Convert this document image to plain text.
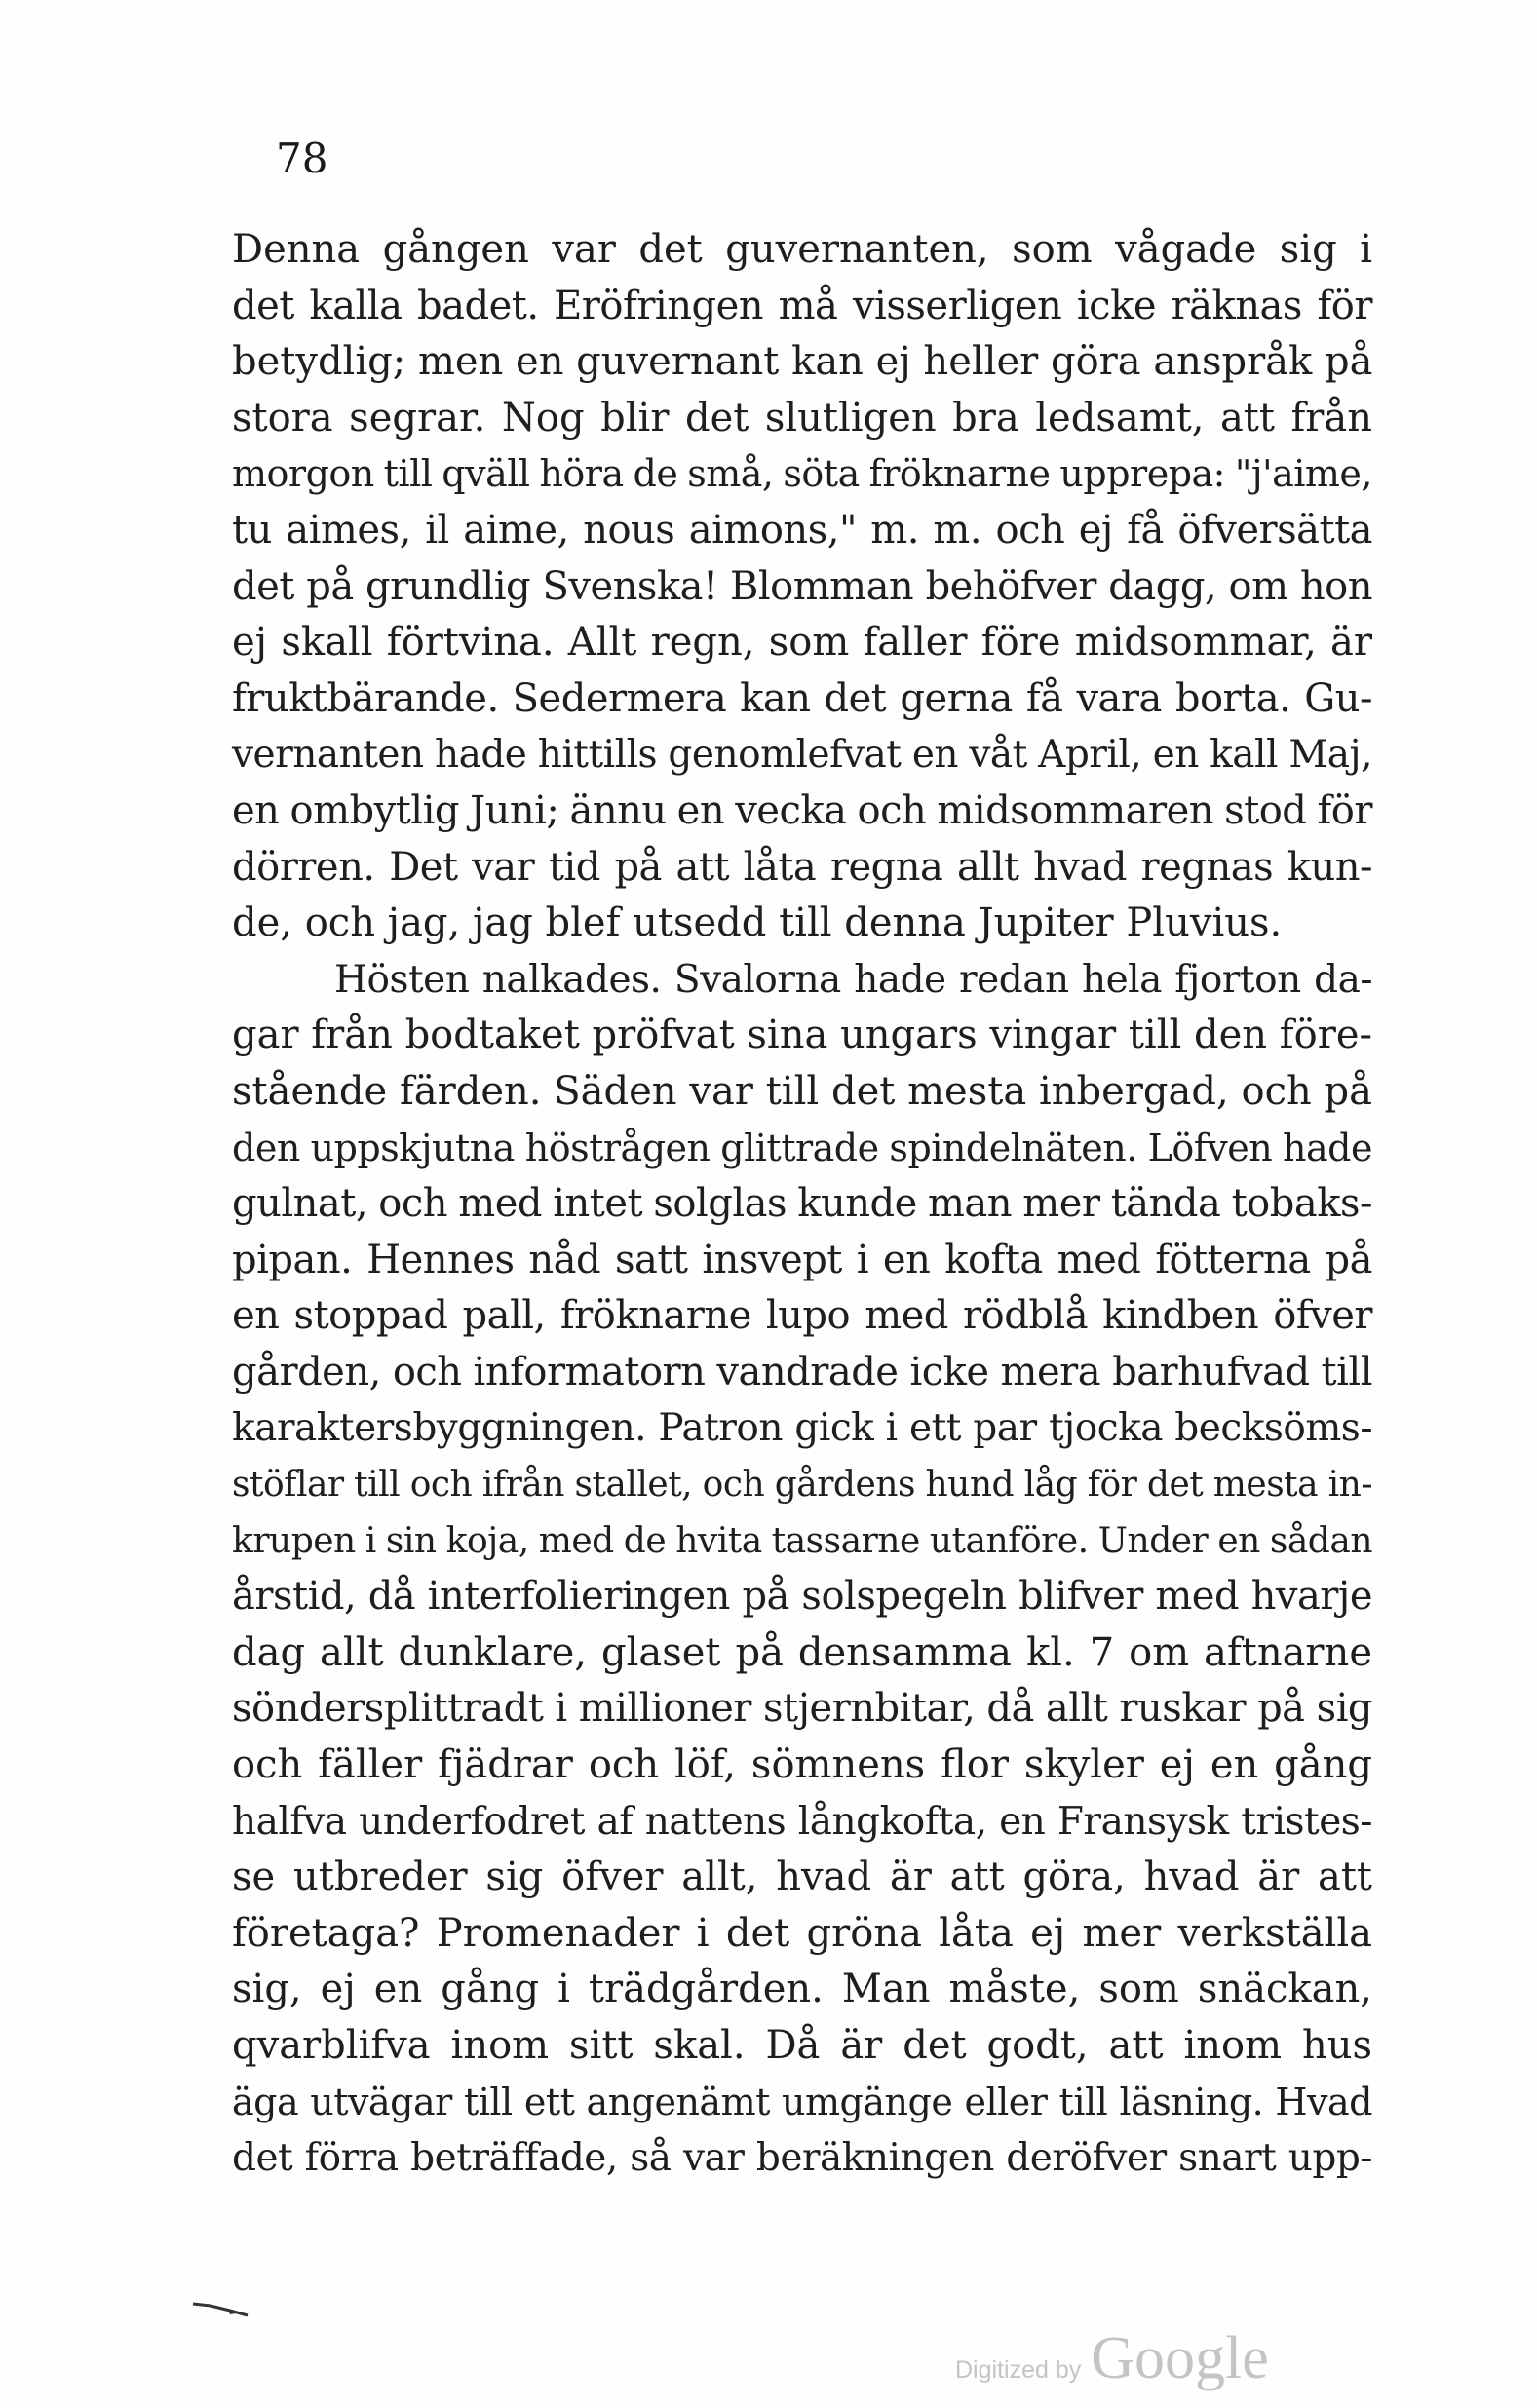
78
Denna gången var det guvernanten, som vågade sig i
det kalla badet. Eröfringen må visserligen icke räknas för
betydlig; men en guvernant kan ej heller göra anspråk på
stora segrar. Nog blir det slutligen bra ledsamt, att från
morgon till qväll höra de små, söta fröknarne upprepa: "j'aime,
tu aimes, il aime, nous aimons," m. m. och ej få öfversätta
det på grundlig Svenska! Blomman behöfver dagg, om hon
ej skall förtvina. Allt regn, som faller före midsommar, är
fruktbärande. Sedermera kan det gerna få vara borta. Gu-
vernanten hade hittills genomlefvat en våt April, en kall Maj,
en ombytlig Juni; ännu en vecka och midsommaren stod för
dörren. Det var tid på att låta regna allt hvad regnas kun-
de, och jag, jag blef utsedd till denna Jupiter Pluvius.
Hösten nalkades. Svalorna hade redan hela fjorton da-
gar från bodtaket pröfvat sina ungars vingar till den före-
stående färden. Säden var till det mesta inbergad, och på
den uppskjutna höstrågen glittrade spindelnäten. Löfven hade
gulnat, och med intet solglas kunde man mer tända tobaks-
pipan. Hennes nåd satt insvept i en kofta med fötterna på
en stoppad pall, fröknarne lupo med rödblå kindben öfver
gården, och informatorn vandrade icke mera barhufvad till
karaktersbyggningen. Patron gick i ett par tjocka becksöms-
stöflar till och ifrån stallet, och gårdens hund låg för det mesta in-
krupen i sin koja, med de hvita tassarne utanföre. Under en sådan
årstid, då interfolieringen på solspegeln blifver med hvarje
dag allt dunklare, glaset på densamma kl. 7 om aftnarne
söndersplittradt i millioner stjernbitar, då allt ruskar på sig
och fäller fjädrar och löf, sömnens flor skyler ej en gång
halfva underfodret af nattens långkofta, en Fransysk tristes-
se utbreder sig öfver allt, hvad är att göra, hvad är att
företaga? Promenader i det gröna låta ej mer verkställa
sig, ej en gång i trädgården. Man måste, som snäckan,
qvarblifva inom sitt skal. Då är det godt, att inom hus
äga utvägar till ett angenämt umgänge eller till läsning. Hvad
det förra beträffade, så var beräkningen deröfver snart upp-
Digitized by Google
